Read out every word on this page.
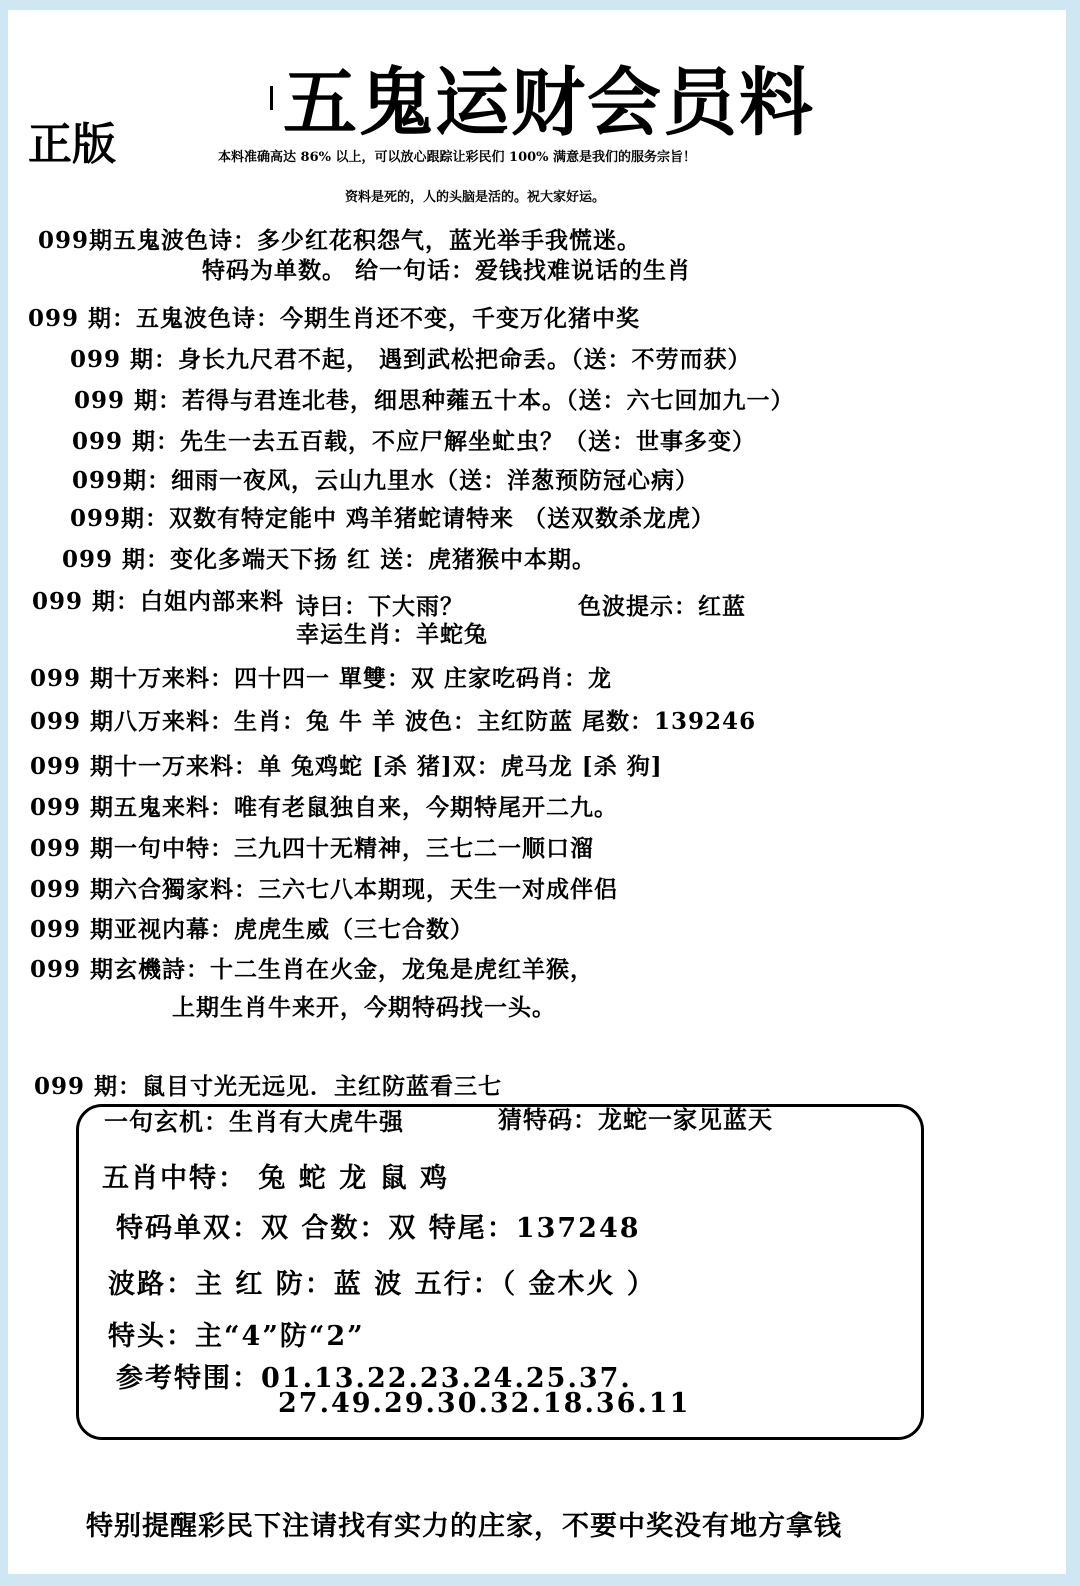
正版 五鬼运财会员料
本料准确高达 86% 以上，可以放心跟踪让彩民们 100% 满意是我们的服务宗旨！
资料是死的，人的头脑是活的。祝大家好运。
099期五鬼波色诗：多少红花积怨气，蓝光举手我慌迷。
特码为单数。 给一句话：爱钱找难说话的生肖
099 期：五鬼波色诗：今期生肖还不变，千变万化猪中奖
099 期：身长九尺君不起， 遇到武松把命丢。（送：不劳而获）
099 期：若得与君连北巷，细思种蕹五十本。（送：六七回加九一）
099 期：先生一去五百载，不应尸解坐虻虫？（送：世事多变）
099期：细雨一夜风，云山九里水（送：洋葱预防冠心病）
099期：双数有特定能中 鸡羊猪蛇请特来 （送双数杀龙虎）
099 期：变化多端天下扬 红 送：虎猪猴中本期。
099 期：白姐内部来料 诗曰：下大雨？	色波提示：红蓝
幸运生肖：羊蛇兔
099 期十万来料：四十四一 單雙：双 庄家吃码肖：龙
099 期八万来料：生肖：兔 牛 羊 波色：主红防蓝 尾数：139246
099 期十一万来料：单 兔鸡蛇 [杀 猪]双：虎马龙 [杀 狗]
099 期五鬼来料：唯有老鼠独自来，今期特尾开二九。
099 期一句中特：三九四十无精神，三七二一顺口溜
099 期六合獨家料：三六七八本期现，天生一对成伴侣
099 期亚视内幕：虎虎生威（三七合数）
099 期玄機詩：十二生肖在火金，龙兔是虎红羊猴，
上期生肖牛来开，今期特码找一头。
099 期：鼠目寸光无远见．主红防蓝看三七
一句玄机：生肖有大虎牛强	猜特码：龙蛇一家见蓝天
五肖中特： 兔 蛇 龙 鼠 鸡
特码单双：双 合数：双 特尾：137248
波路：主 红 防：蓝 波 五行：（ 金木火 ）
特头：主“4”防“2”
参考特围：01.13.22.23.24.25.37.
27.49.29.30.32.18.36.11
特别提醒彩民下注请找有实力的庄家，不要中奖没有地方拿钱
